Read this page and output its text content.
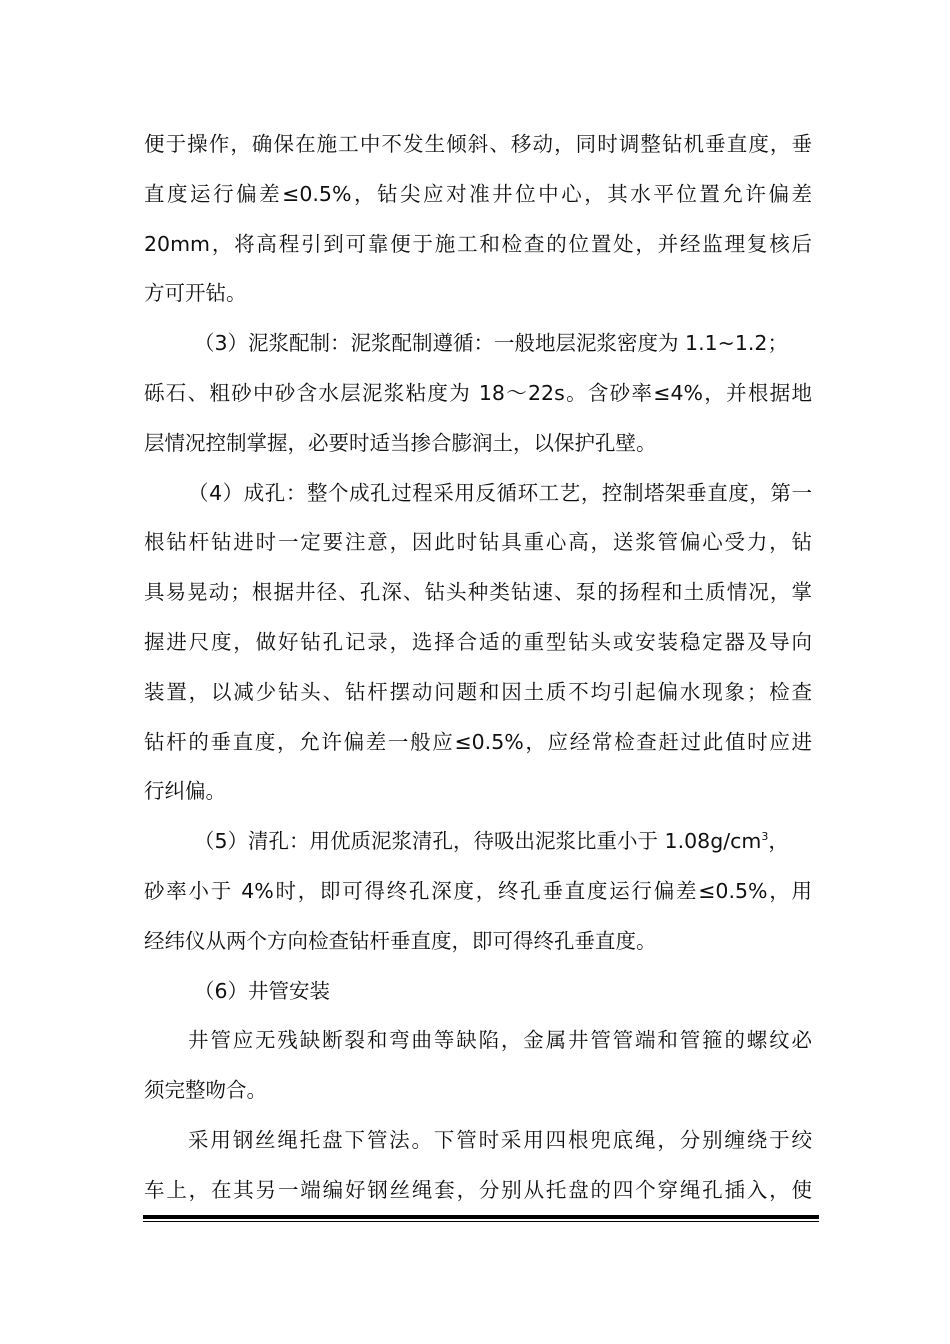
便于操作，确保在施工中不发生倾斜、移动，同时调整钻机垂直度，垂
直度运行偏差≤0.5%，钻尖应对准井位中心，其水平位置允许偏差
20mm，将高程引到可靠便于施工和检查的位置处，并经监理复核后
方可开钻。
（3）泥浆配制：泥浆配制遵循：一般地层泥浆密度为 1.1~1.2；
砾石、粗砂中砂含水层泥浆粘度为 18～22s。含砂率≤4%，并根据地
层情况控制掌握，必要时适当掺合膨润土，以保护孔壁。
（4）成孔：整个成孔过程采用反循环工艺，控制塔架垂直度，第一
根钻杆钻进时一定要注意，因此时钻具重心高，送浆管偏心受力，钻
具易晃动；根据井径、孔深、钻头种类钻速、泵的扬程和土质情况，掌
握进尺度，做好钻孔记录，选择合适的重型钻头或安装稳定器及导向
装置，以减少钻头、钻杆摆动问题和因土质不均引起偏水现象；检查
钻杆的垂直度，允许偏差一般应≤0.5%，应经常检查赶过此值时应进
行纠偏。
（5）清孔：用优质泥浆清孔，待吸出泥浆比重小于 $1.08g/cm^3$，
砂率小于 4%时，即可得终孔深度，终孔垂直度运行偏差≤0.5%，用
经纬仪从两个方向检查钻杆垂直度，即可得终孔垂直度。
（6）井管安装
井管应无残缺断裂和弯曲等缺陷，金属井管管端和管箍的螺纹必
须完整吻合。
采用钢丝绳托盘下管法。下管时采用四根兜底绳，分别缠绕于绞
车上，在其另一端编好钢丝绳套，分别从托盘的四个穿绳孔插入，使
